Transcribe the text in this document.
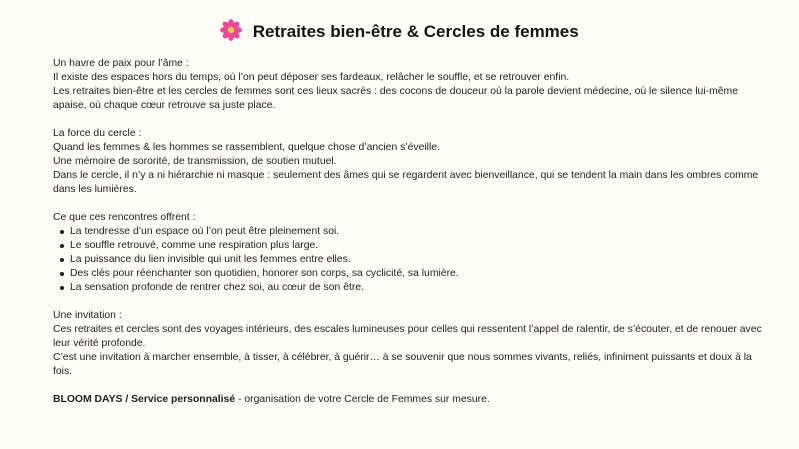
Retraites bien-être & Cercles de femmes

Un havre de paix pour l’âme :

Il existe des espaces hors du temps, où l’on peut déposer ses fardeaux, relâcher le souffle, et se retrouver enfin.

Les retraites bien-être et les cercles de femmes sont ces lieux sacrés : des cocons de douceur où la parole devient médecine, où le silence lui-même apaise, où chaque cœur retrouve sa juste place.

La force du cercle :

Quand les femmes & les hommes se rassemblent, quelque chose d’ancien s’éveille.

Une mémoire de sororité, de transmission, de soutien mutuel.

Dans le cercle, il n’y a ni hiérarchie ni masque : seulement des âmes qui se regardent avec bienveillance, qui se tendent la main dans les ombres comme dans les lumières.

Ce que ces rencontres offrent :

La tendresse d’un espace où l’on peut être pleinement soi.
Le souffle retrouvé, comme une respiration plus large.
La puissance du lien invisible qui unit les femmes entre elles.
Des clés pour réenchanter son quotidien, honorer son corps, sa cyclicité, sa lumière.
La sensation profonde de rentrer chez soi, au cœur de son être.

Une invitation :

Ces retraites et cercles sont des voyages intérieurs, des escales lumineuses pour celles qui ressentent l’appel de ralentir, de s’écouter, et de renouer avec leur vérité profonde.

C’est une invitation à marcher ensemble, à tisser, à célébrer, à guérir… à se souvenir que nous sommes vivants, reliés, infiniment puissants et doux à la fois.

BLOOM DAYS / Service personnalisé - organisation de votre Cercle de Femmes sur mesure.
